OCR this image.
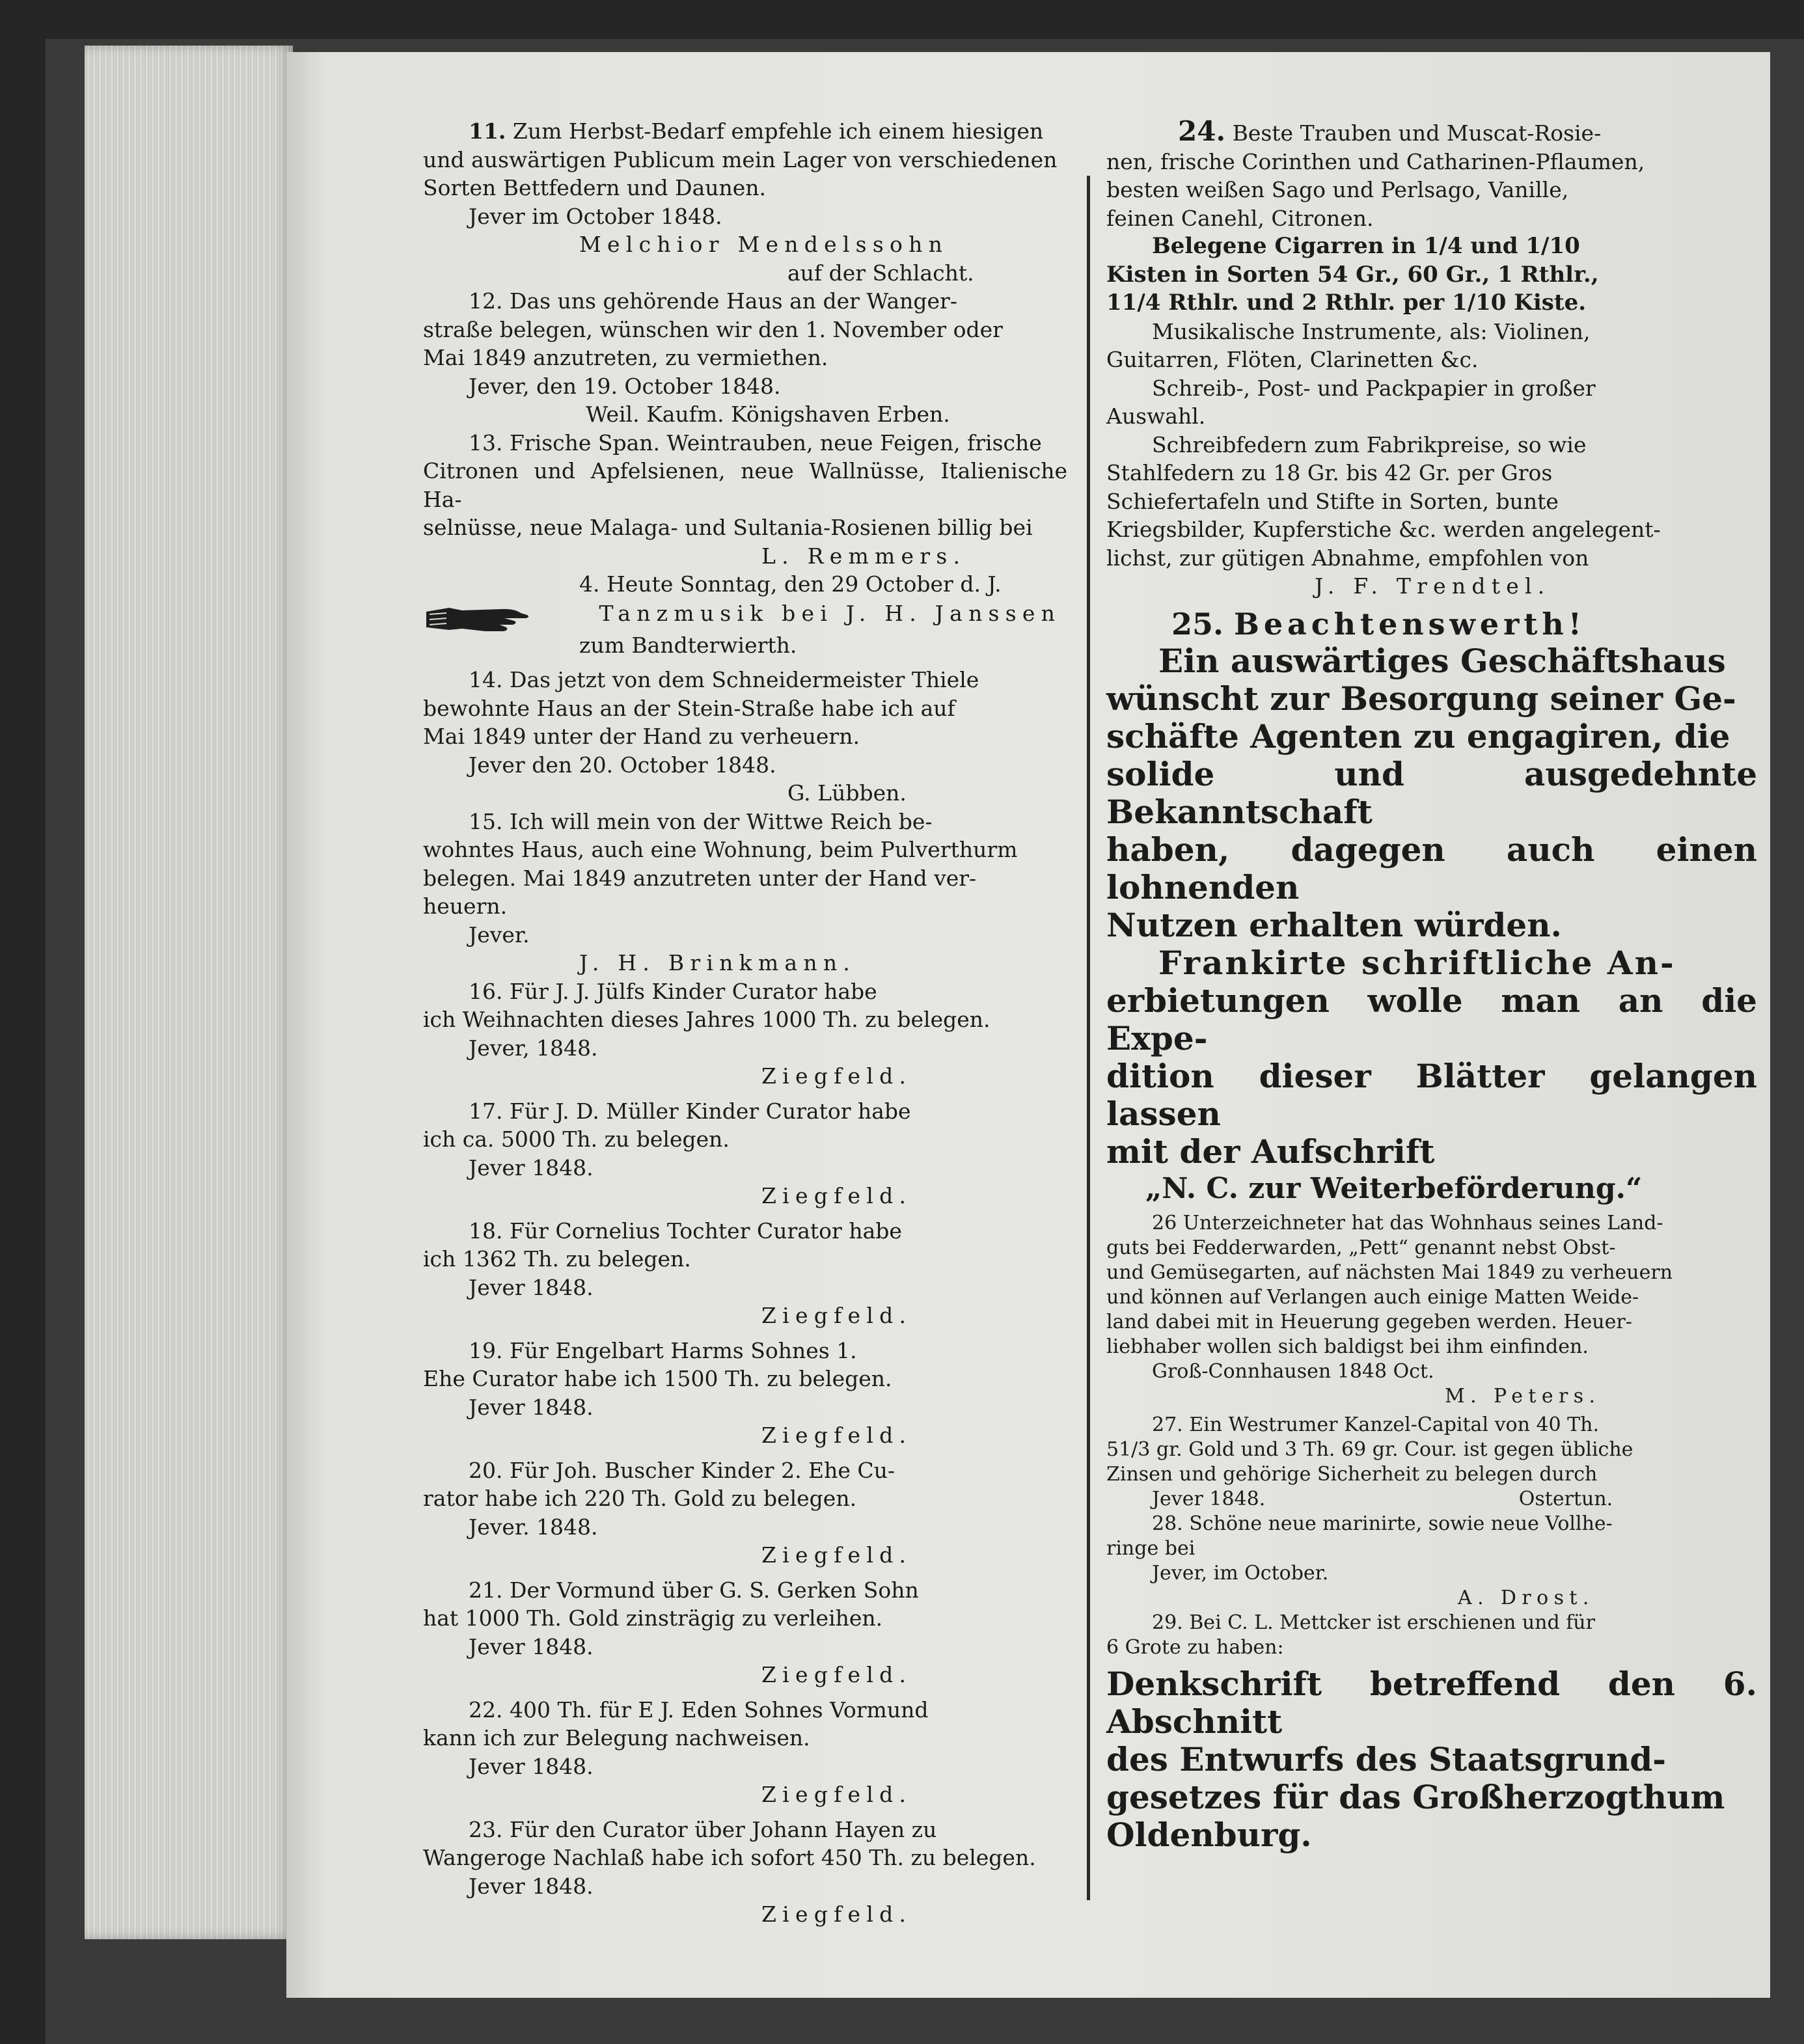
11. Zum Herbst-Bedarf empfehle ich einem hiesigen

und auswärtigen Publicum mein Lager von verschiedenen

Sorten Bettfedern und Daunen.

Jever im October 1848.

Melchior Mendelssohn

auf der Schlacht.

12. Das uns gehörende Haus an der Wanger-

straße belegen, wünschen wir den 1. November oder

Mai 1849 anzutreten, zu vermiethen.

Jever, den 19. October 1848.

Weil. Kaufm. Königshaven Erben.

13. Frische Span. Weintrauben, neue Feigen, frische

Citronen und Apfelsienen, neue Wallnüsse, Italienische Ha-

selnüsse, neue Malaga- und Sultania-Rosienen billig bei

L. Remmers.

4. Heute Sonntag, den 29 October d. J.

Tanzmusik bei J. H. Janssen

zum Bandterwierth.

14. Das jetzt von dem Schneidermeister Thiele

bewohnte Haus an der Stein-Straße habe ich auf

Mai 1849 unter der Hand zu verheuern.

Jever den 20. October 1848.

G. Lübben.

15. Ich will mein von der Wittwe Reich be-

wohntes Haus, auch eine Wohnung, beim Pulverthurm

belegen. Mai 1849 anzutreten unter der Hand ver-

heuern.

Jever.

J. H. Brinkmann.

16. Für J. J. Jülfs Kinder Curator habe

ich Weihnachten dieses Jahres 1000 Th. zu belegen.

Jever, 1848.

Ziegfeld.

17. Für J. D. Müller Kinder Curator habe

ich ca. 5000 Th. zu belegen.

Jever 1848.

Ziegfeld.

18. Für Cornelius Tochter Curator habe

ich 1362 Th. zu belegen.

Jever 1848.

Ziegfeld.

19. Für Engelbart Harms Sohnes 1.

Ehe Curator habe ich 1500 Th. zu belegen.

Jever 1848.

Ziegfeld.

20. Für Joh. Buscher Kinder 2. Ehe Cu-

rator habe ich 220 Th. Gold zu belegen.

Jever. 1848.

Ziegfeld.

21. Der Vormund über G. S. Gerken Sohn

hat 1000 Th. Gold zinsträgig zu verleihen.

Jever 1848.

Ziegfeld.

22. 400 Th. für E J. Eden Sohnes Vormund

kann ich zur Belegung nachweisen.

Jever 1848.

Ziegfeld.

23. Für den Curator über Johann Hayen zu

Wangeroge Nachlaß habe ich sofort 450 Th. zu belegen.

Jever 1848.

Ziegfeld.

24. Beste Trauben und Muscat-Rosie-

nen, frische Corinthen und Catharinen-Pflaumen,

besten weißen Sago und Perlsago, Vanille,

feinen Canehl, Citronen.

Belegene Cigarren in 1/4 und 1/10

Kisten in Sorten 54 Gr., 60 Gr., 1 Rthlr.,

11/4 Rthlr. und 2 Rthlr. per 1/10 Kiste.

Musikalische Instrumente, als: Violinen,

Guitarren, Flöten, Clarinetten &c.

Schreib-, Post- und Packpapier in großer

Auswahl.

Schreibfedern zum Fabrikpreise, so wie

Stahlfedern zu 18 Gr. bis 42 Gr. per Gros

Schiefertafeln und Stifte in Sorten, bunte

Kriegsbilder, Kupferstiche &c. werden angelegent-

lichst, zur gütigen Abnahme, empfohlen von

J. F. Trendtel.

25. Beachtenswerth!

Ein auswärtiges Geschäftshaus

wünscht zur Besorgung seiner Ge-

schäfte Agenten zu engagiren, die

solide und ausgedehnte Bekanntschaft

haben, dagegen auch einen lohnenden

Nutzen erhalten würden.

Frankirte schriftliche An-

erbietungen wolle man an die Expe-

dition dieser Blätter gelangen lassen

mit der Aufschrift

„N. C. zur Weiterbeförderung.“

26 Unterzeichneter hat das Wohnhaus seines Land-

guts bei Fedderwarden, „Pett“ genannt nebst Obst-

und Gemüsegarten, auf nächsten Mai 1849 zu verheuern

und können auf Verlangen auch einige Matten Weide-

land dabei mit in Heuerung gegeben werden. Heuer-

liebhaber wollen sich baldigst bei ihm einfinden.

Groß-Connhausen 1848 Oct.

M. Peters.

27. Ein Westrumer Kanzel-Capital von 40 Th.

51/3 gr. Gold und 3 Th. 69 gr. Cour. ist gegen übliche

Zinsen und gehörige Sicherheit zu belegen durch

Jever 1848.	Ostertun.

28. Schöne neue marinirte, sowie neue Vollhe-

ringe bei

Jever, im October.

A. Drost.

29. Bei C. L. Mettcker ist erschienen und für

6 Grote zu haben:

Denkschrift betreffend den 6. Abschnitt

des Entwurfs des Staatsgrund-

gesetzes für das Großherzogthum

Oldenburg.
